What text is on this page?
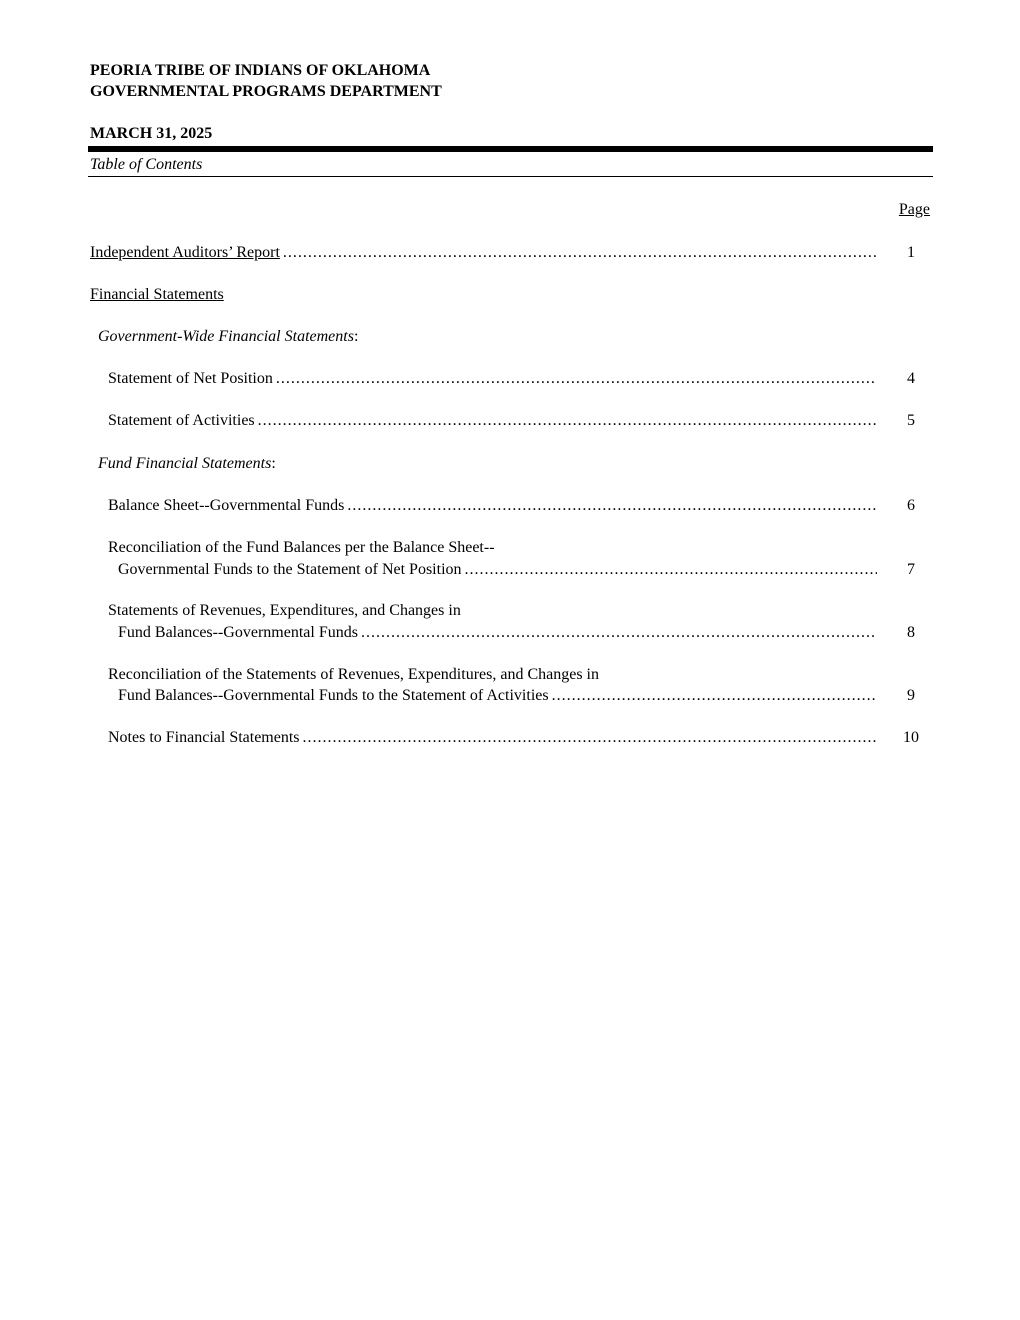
PEORIA TRIBE OF INDIANS OF OKLAHOMA
GOVERNMENTAL PROGRAMS DEPARTMENT
MARCH 31, 2025
Table of Contents
Page
Independent Auditors’ Report .....	1
Financial Statements
Government-Wide Financial Statements:
Statement of Net Position .....	4
Statement of Activities .....	5
Fund Financial Statements:
Balance Sheet--Governmental Funds .....	6
Reconciliation of the Fund Balances per the Balance Sheet--
Governmental Funds to the Statement of Net Position .....	7
Statements of Revenues, Expenditures, and Changes in
Fund Balances--Governmental Funds .....	8
Reconciliation of the Statements of Revenues, Expenditures, and Changes in
Fund Balances--Governmental Funds to the Statement of Activities .....	9
Notes to Financial Statements .....	10
